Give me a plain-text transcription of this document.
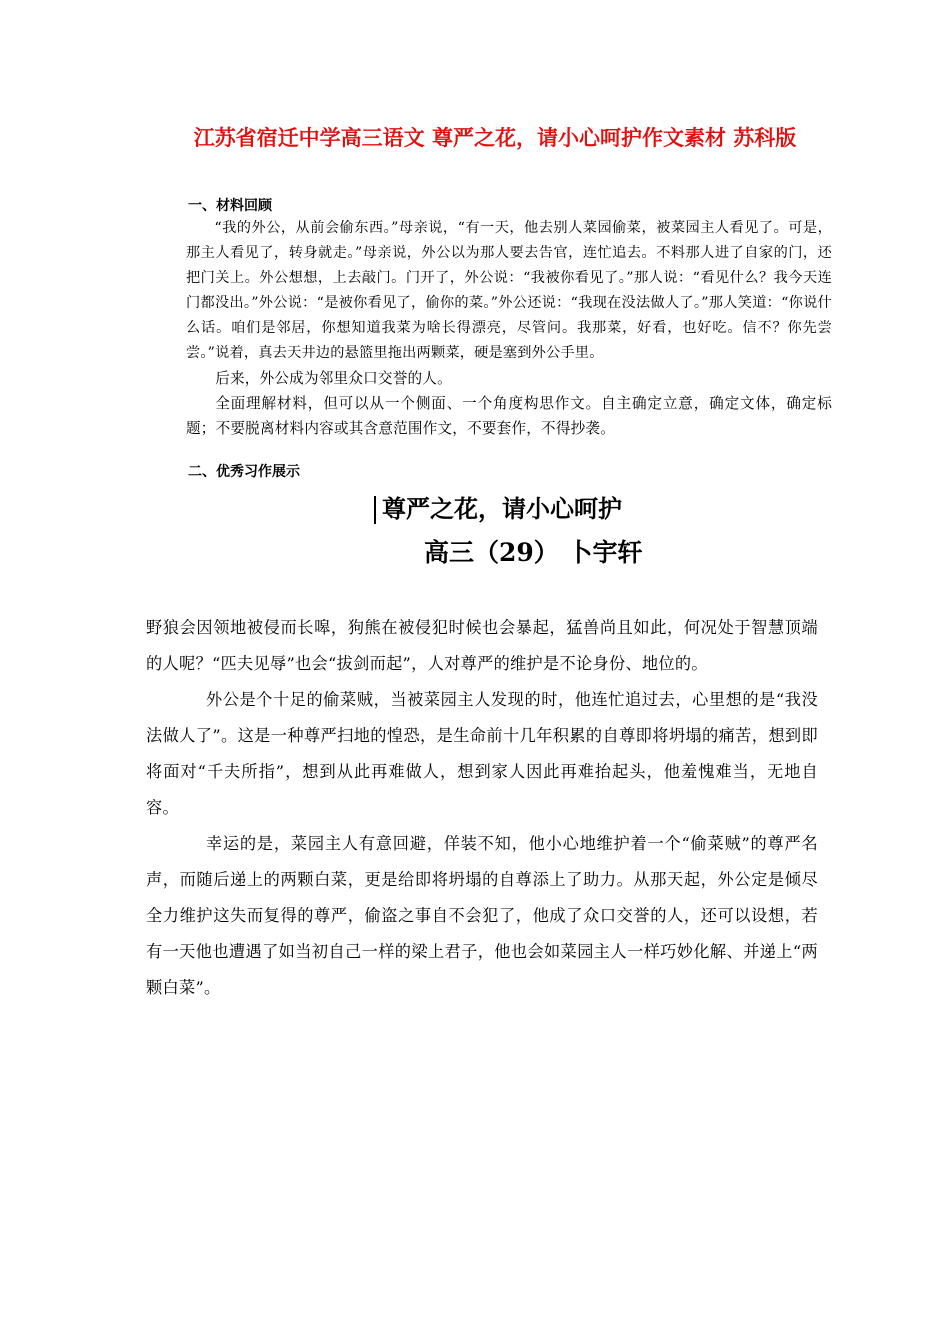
江苏省宿迁中学高三语文 尊严之花，请小心呵护作文素材 苏科版
一、材料回顾

“我的外公，从前会偷东西。”母亲说，“有一天，他去别人菜园偷菜，被菜园主人看见了。可是，那主人看见了，转身就走。”母亲说，外公以为那人要去告官，连忙追去。不料那人进了自家的门，还把门关上。外公想想，上去敲门。门开了，外公说：“我被你看见了。”那人说：“看见什么？我今天连门都没出。”外公说：“是被你看见了，偷你的菜。”外公还说：“我现在没法做人了。”那人笑道：“你说什么话。咱们是邻居，你想知道我菜为啥长得漂亮，尽管问。我那菜，好看，也好吃。信不？你先尝尝。”说着，真去天井边的悬篮里拖出两颗菜，硬是塞到外公手里。

后来，外公成为邻里众口交誉的人。

全面理解材料，但可以从一个侧面、一个角度构思作文。自主确定立意，确定文体，确定标题；不要脱离材料内容或其含意范围作文，不要套作，不得抄袭。

二、优秀习作展示
尊严之花，请小心呵护
高三（29） 卜宇轩

野狼会因领地被侵而长嗥，狗熊在被侵犯时候也会暴起，猛兽尚且如此，何况处于智慧顶端的人呢？“匹夫见辱”也会“拔剑而起”，人对尊严的维护是不论身份、地位的。

外公是个十足的偷菜贼，当被菜园主人发现的时，他连忙追过去，心里想的是“我没法做人了”。这是一种尊严扫地的惶恐，是生命前十几年积累的自尊即将坍塌的痛苦，想到即将面对“千夫所指”，想到从此再难做人，想到家人因此再难抬起头，他羞愧难当，无地自容。

幸运的是，菜园主人有意回避，佯装不知，他小心地维护着一个“偷菜贼”的尊严名声，而随后递上的两颗白菜，更是给即将坍塌的自尊添上了助力。从那天起，外公定是倾尽全力维护这失而复得的尊严，偷盗之事自不会犯了，他成了众口交誉的人，还可以设想，若有一天他也遭遇了如当初自己一样的梁上君子，他也会如菜园主人一样巧妙化解、并递上“两颗白菜”。
